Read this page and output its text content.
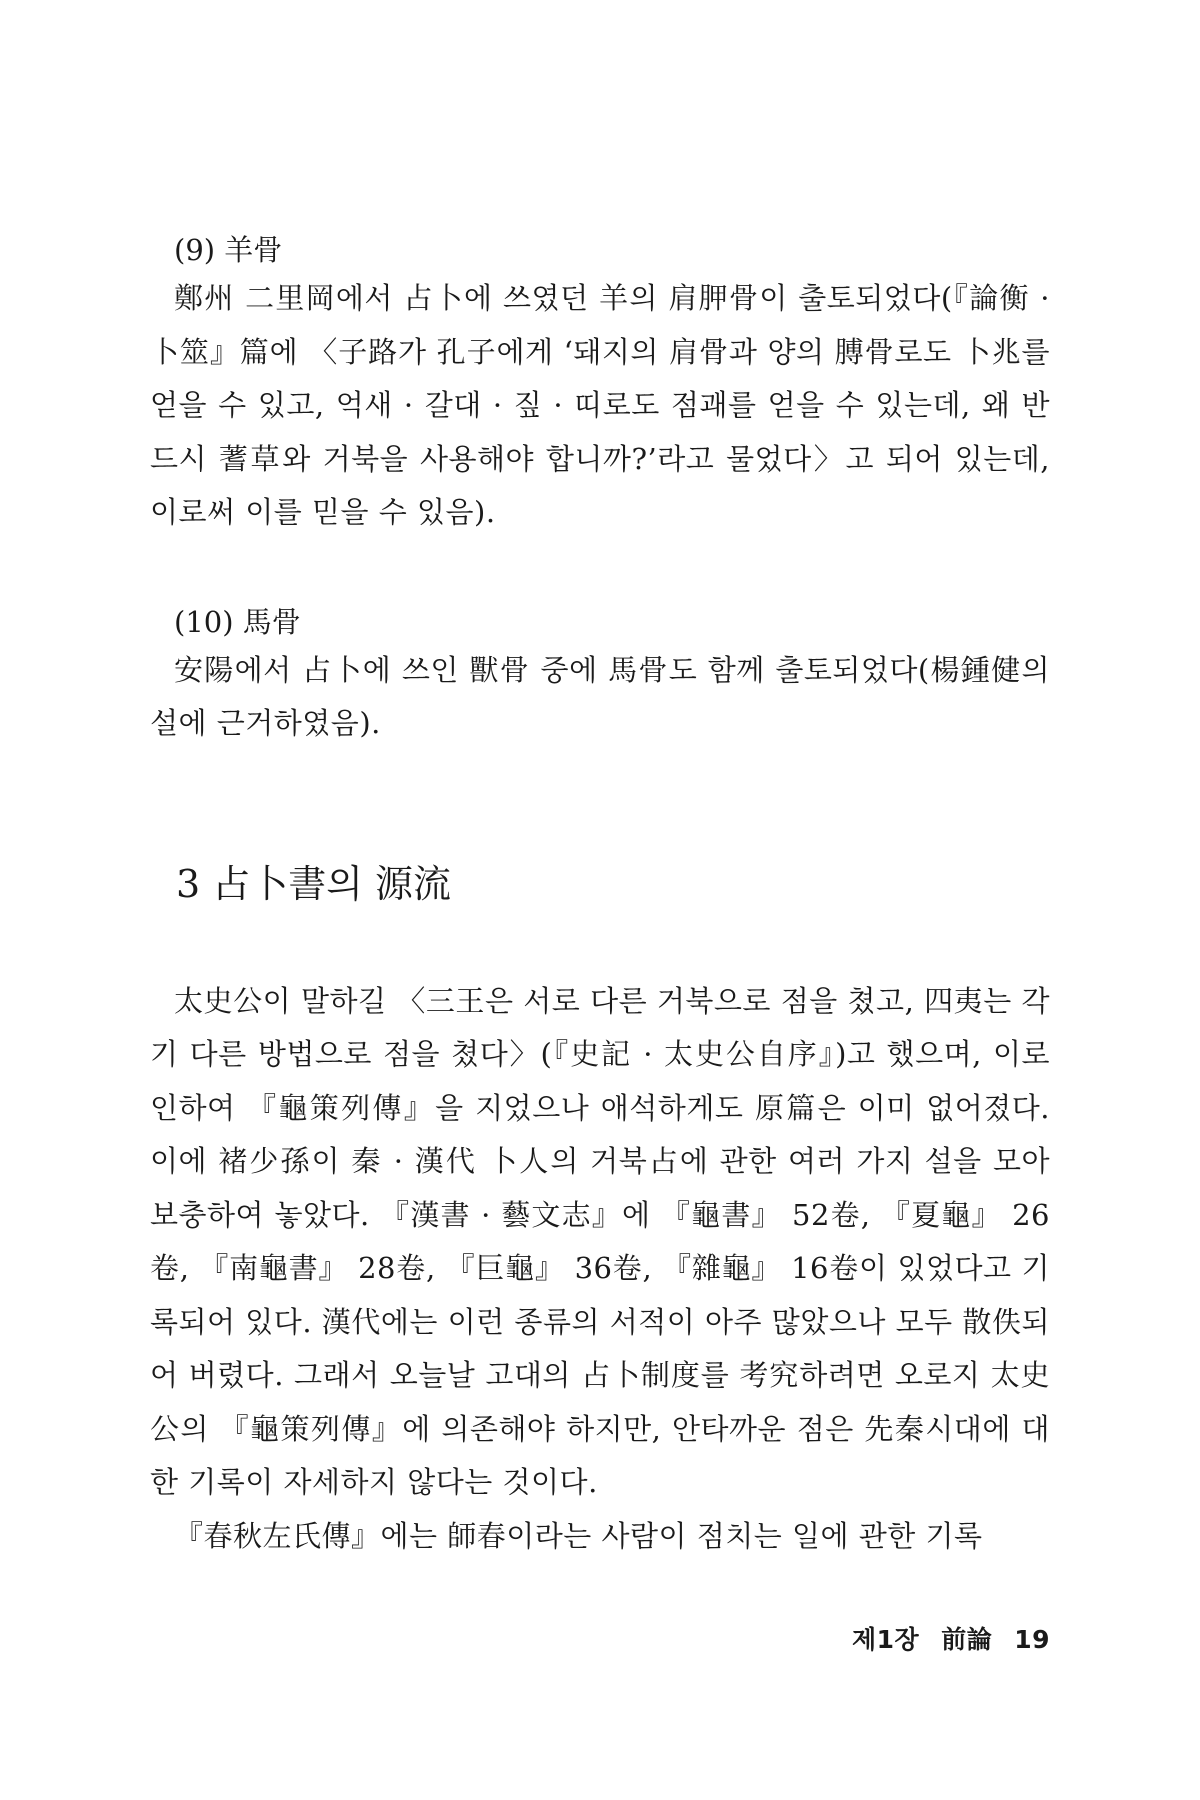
(9) 羊骨

鄭州 二里岡에서 占卜에 쓰였던 羊의 肩胛骨이 출토되었다(『論衡 · 卜筮』篇에 〈子路가 孔子에게 ‘돼지의 肩骨과 양의 膊骨로도 卜兆를 얻을 수 있고, 억새 · 갈대 · 짚 · 띠로도 점괘를 얻을 수 있는데, 왜 반드시 蓍草와 거북을 사용해야 합니까?’라고 물었다〉고 되어 있는데, 이로써 이를 믿을 수 있음).

(10) 馬骨

安陽에서 占卜에 쓰인 獸骨 중에 馬骨도 함께 출토되었다(楊鍾健의 설에 근거하였음).

3 占卜書의 源流

太史公이 말하길 〈三王은 서로 다른 거북으로 점을 쳤고, 四夷는 각기 다른 방법으로 점을 쳤다〉(『史記 · 太史公自序』)고 했으며, 이로 인하여 『龜策列傳』을 지었으나 애석하게도 原篇은 이미 없어졌다. 이에 褚少孫이 秦 · 漢代 卜人의 거북占에 관한 여러 가지 설을 모아 보충하여 놓았다. 『漢書 · 藝文志』에 『龜書』 52卷, 『夏龜』 26卷, 『南龜書』 28卷, 『巨龜』 36卷, 『雜龜』 16卷이 있었다고 기록되어 있다. 漢代에는 이런 종류의 서적이 아주 많았으나 모두 散佚되어 버렸다. 그래서 오늘날 고대의 占卜制度를 考究하려면 오로지 太史公의 『龜策列傳』에 의존해야 하지만, 안타까운 점은 先秦시대에 대한 기록이 자세하지 않다는 것이다.

『春秋左氏傳』에는 師春이라는 사람이 점치는 일에 관한 기록

제1장 前論 19
